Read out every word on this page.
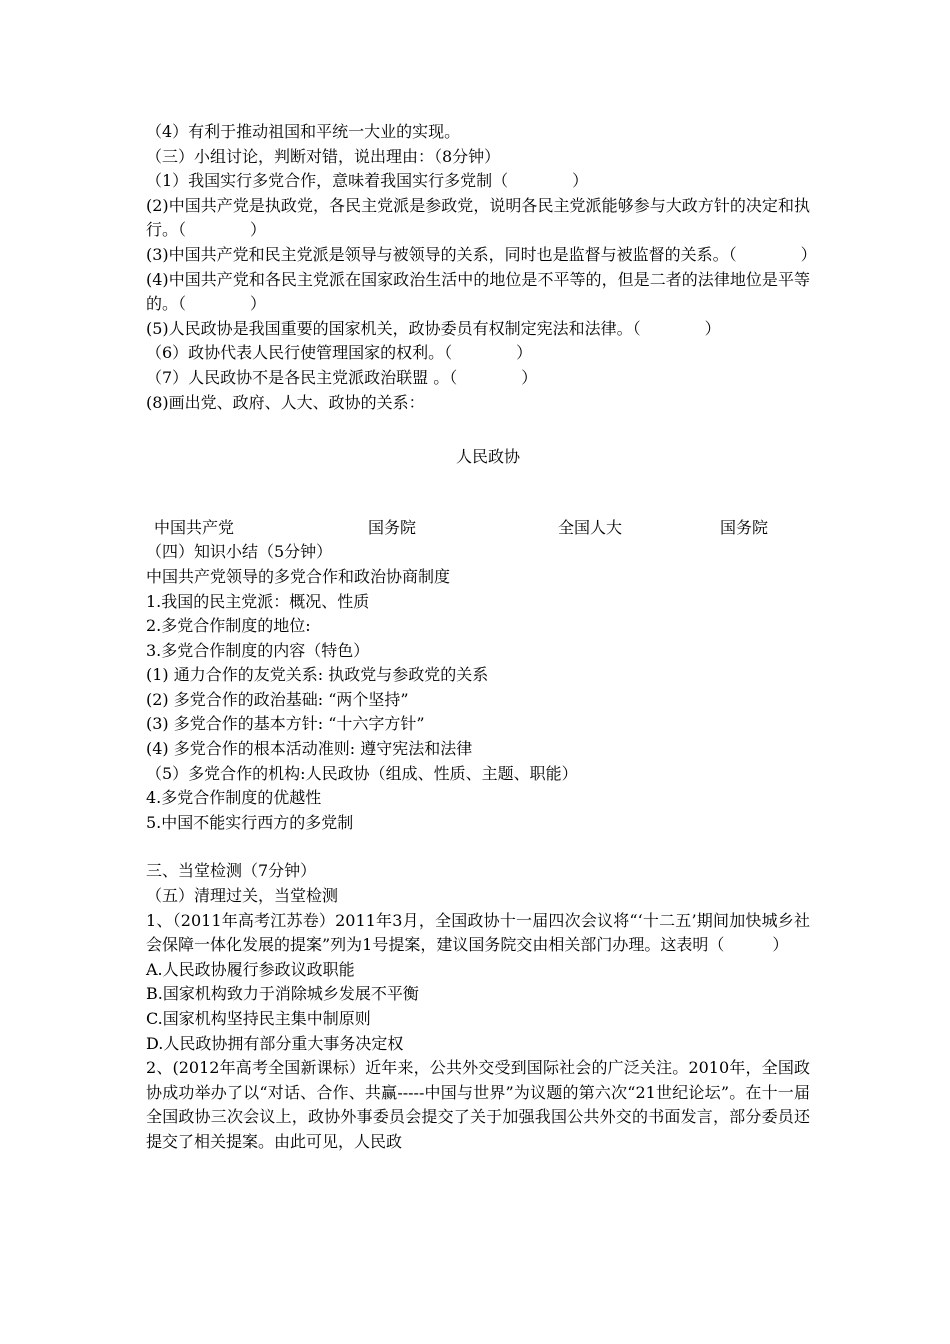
（4）有利于推动祖国和平统一大业的实现。

（三）小组讨论，判断对错，说出理由：（8分钟）

（1）我国实行多党合作，意味着我国实行多党制（　　　　）

(2)中国共产党是执政党，各民主党派是参政党，说明各民主党派能够参与大政方针的决定和执行。（　　　　）

(3)中国共产党和民主党派是领导与被领导的关系，同时也是监督与被监督的关系。（　　　　）

(4)中国共产党和各民主党派在国家政治生活中的地位是不平等的，但是二者的法律地位是平等的。（　　　　）

(5)人民政协是我国重要的国家机关，政协委员有权制定宪法和法律。（　　　　）

（6）政协代表人民行使管理国家的权利。（　　　　）

（7）人民政协不是各民主党派政治联盟 。（　　　　）

(8)画出党、政府、人大、政协的关系：

人民政协
中国共产党	国务院	全国人大	国务院

（四）知识小结（5分钟）

中国共产党领导的多党合作和政治协商制度

1.我国的民主党派：概况、性质

2.多党合作制度的地位:

3.多党合作制度的内容（特色）

(1) 通力合作的友党关系: 执政党与参政党的关系

(2) 多党合作的政治基础: “两个坚持”

(3) 多党合作的基本方针: “十六字方针”

(4) 多党合作的根本活动准则: 遵守宪法和法律

（5）多党合作的机构:人民政协（组成、性质、主题、职能）

4.多党合作制度的优越性

5.中国不能实行西方的多党制

三、当堂检测（7分钟）

（五）清理过关，当堂检测

1、（2011年高考江苏卷）2011年3月，全国政协十一届四次会议将“‘十二五’期间加快城乡社会保障一体化发展的提案”列为1号提案，建议国务院交由相关部门办理。这表明（　　　）

A.人民政协履行参政议政职能

B.国家机构致力于消除城乡发展不平衡

C.国家机构坚持民主集中制原则

D.人民政协拥有部分重大事务决定权

2、(2012年高考全国新课标）近年来，公共外交受到国际社会的广泛关注。2010年，全国政协成功举办了以“对话、合作、共赢-----中国与世界”为议题的第六次“21世纪论坛”。在十一届全国政协三次会议上，政协外事委员会提交了关于加强我国公共外交的书面发言，部分委员还提交了相关提案。由此可见，人民政
